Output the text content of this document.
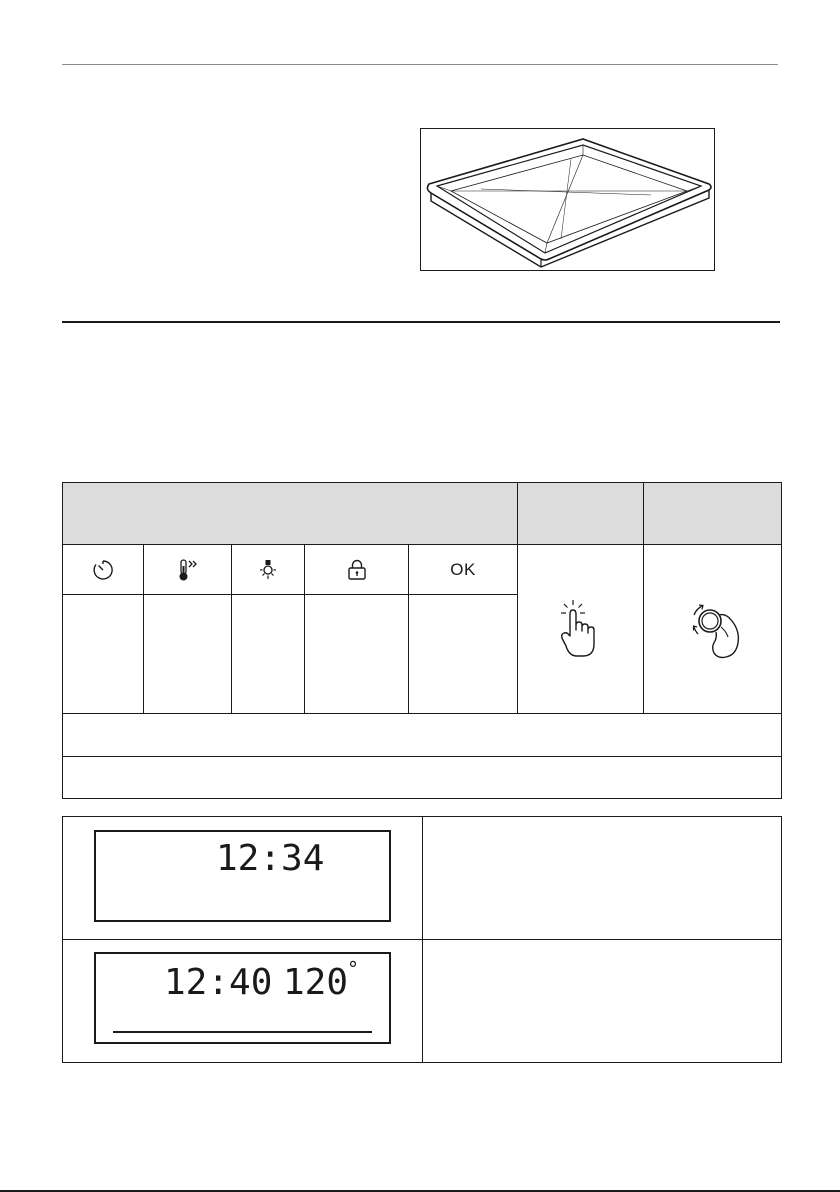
OK
12:34
12:40 120 °
